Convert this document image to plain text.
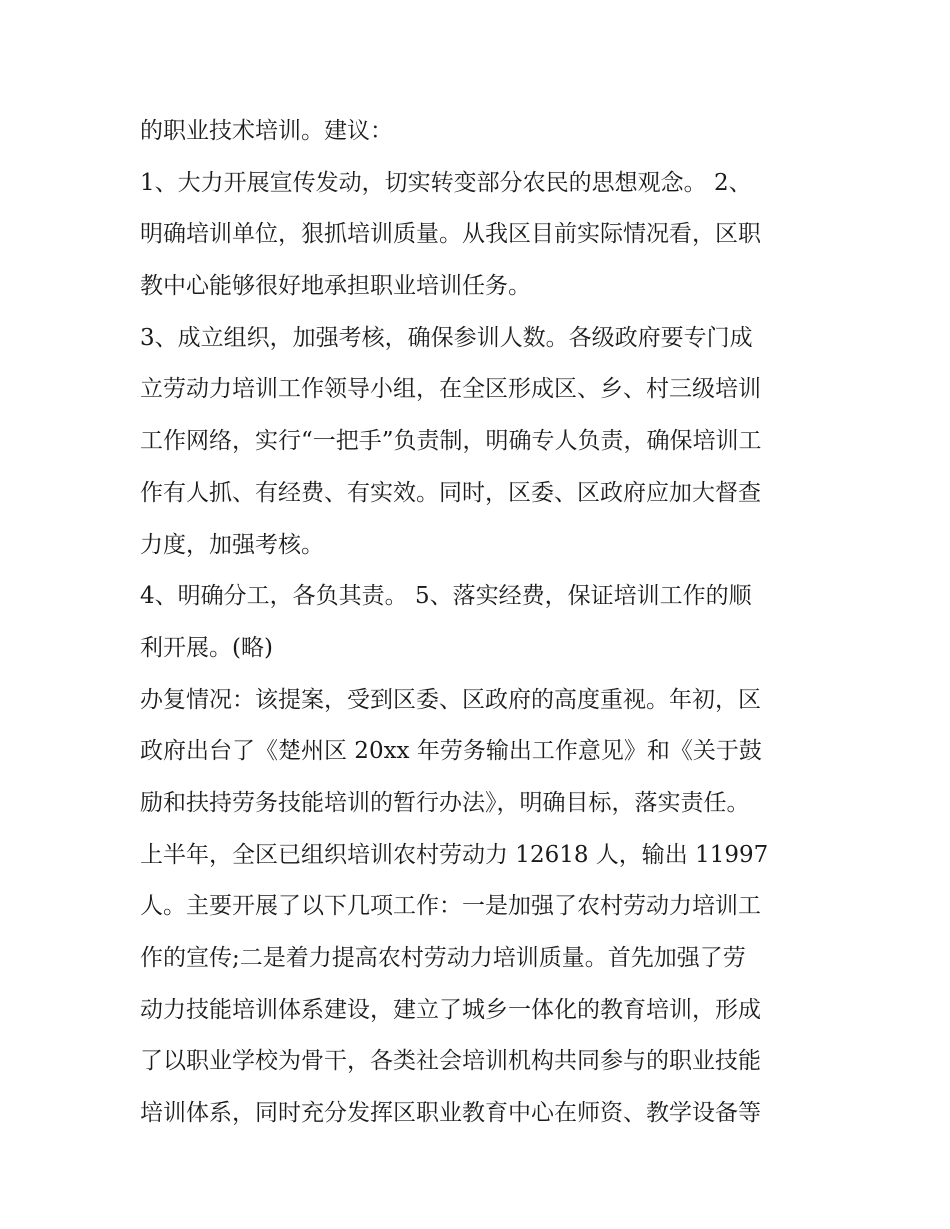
的职业技术培训。建议：
1、大力开展宣传发动，切实转变部分农民的思想观念。 2、
明确培训单位，狠抓培训质量。从我区目前实际情况看，区职
教中心能够很好地承担职业培训任务。
3、成立组织，加强考核，确保参训人数。各级政府要专门成
立劳动力培训工作领导小组，在全区形成区、乡、村三级培训
工作网络，实行“一把手”负责制，明确专人负责，确保培训工
作有人抓、有经费、有实效。同时，区委、区政府应加大督查
力度，加强考核。
4、明确分工，各负其责。 5、落实经费，保证培训工作的顺
利开展。(略)
办复情况：该提案，受到区委、区政府的高度重视。年初，区
政府出台了《楚州区 20xx 年劳务输出工作意见》和《关于鼓
励和扶持劳务技能培训的暂行办法》，明确目标，落实责任。
上半年，全区已组织培训农村劳动力 12618 人，输出 11997
人。主要开展了以下几项工作：一是加强了农村劳动力培训工
作的宣传;二是着力提高农村劳动力培训质量。首先加强了劳
动力技能培训体系建设，建立了城乡一体化的教育培训，形成
了以职业学校为骨干，各类社会培训机构共同参与的职业技能
培训体系，同时充分发挥区职业教育中心在师资、教学设备等
